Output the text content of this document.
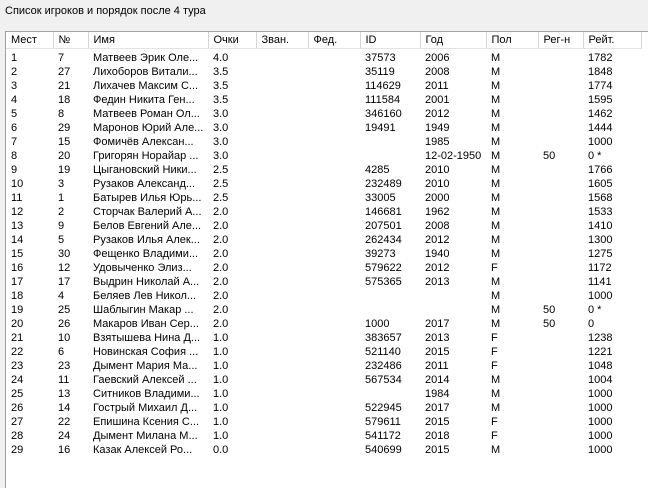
Список игроков и порядок после 4 тура
Мест	№	Имя	Очки	Зван.	Фед.	ID	Год	Пол	Рег-н	Рейт.
1	7	Матвеев Эрик Оле...	4.0			37573	2006	M		1782
2	27	Лихоборов Витали...	3.5			35119	2008	M		1848
3	21	Лихачев Максим С...	3.5			114629	2011	M		1774
4	18	Федин Никита Ген...	3.5			111584	2001	M		1595
5	8	Матвеев Роман Ол...	3.0			346160	2012	M		1462
6	29	Маронов Юрий Але...	3.0			19491	1949	M		1444
7	15	Фомичёв Алексан...	3.0				1985	M		1000
8	20	Григорян Норайар ...	3.0				12-02-1950	M	50	0 *
9	19	Цыгановский Ники...	2.5			4285	2010	M		1766
10	3	Рузаков Александ...	2.5			232489	2010	M		1605
11	1	Батырев Илья Юрь...	2.5			33005	2000	M		1568
12	2	Сторчак Валерий А...	2.0			146681	1962	M		1533
13	9	Белов Евгений Але...	2.0			207501	2008	M		1410
14	5	Рузаков Илья Алек...	2.0			262434	2012	M		1300
15	30	Фещенко Владими...	2.0			39273	1940	M		1275
16	12	Удовыченко Элиз...	2.0			579622	2012	F		1172
17	17	Выдрин Николай А...	2.0			575365	2013	M		1141
18	4	Беляев Лев Никол...	2.0					M		1000
19	25	Шаблыгин Макар ...	2.0					M	50	0 *
20	26	Макаров Иван Сер...	2.0			1000	2017	M	50	0
21	10	Взятышева Нина Д...	1.0			383657	2013	F		1238
22	6	Новинская София ...	1.0			521140	2015	F		1221
23	23	Дымент Мария Ма...	1.0			232486	2011	F		1048
24	11	Гаевский Алексей ...	1.0			567534	2014	M		1004
25	13	Ситников Владими...	1.0				1984	M		1000
26	14	Гострый Михаил Д...	1.0			522945	2017	M		1000
27	22	Епишина Ксения С...	1.0			579611	2015	F		1000
28	24	Дымент Милана М...	1.0			541172	2018	F		1000
29	16	Казак Алексей Ро...	0.0			540699	2015	M		1000
